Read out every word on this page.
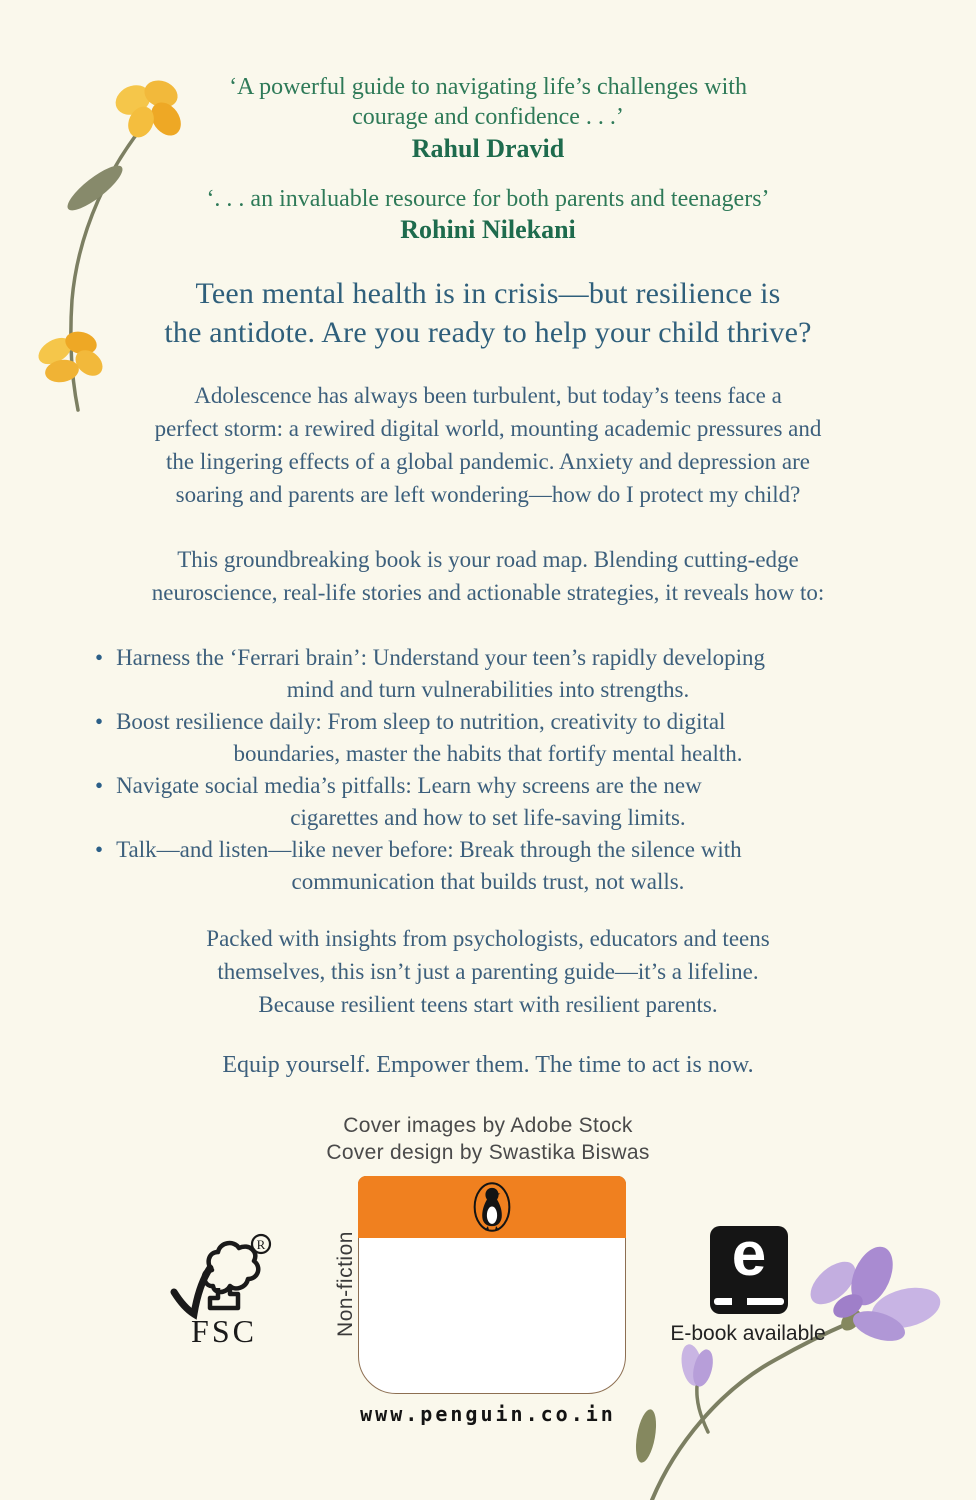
‘A powerful guide to navigating life’s challenges with
courage and confidence . . .’
Rahul Dravid
‘. . . an invaluable resource for both parents and teenagers’
Rohini Nilekani
Teen mental health is in crisis—but resilience is
the antidote. Are you ready to help your child thrive?
Adolescence has always been turbulent, but today’s teens face a
perfect storm: a rewired digital world, mounting academic pressures and
the lingering effects of a global pandemic. Anxiety and depression are
soaring and parents are left wondering—how do I protect my child?
This groundbreaking book is your road map. Blending cutting-edge
neuroscience, real-life stories and actionable strategies, it reveals how to:
• Harness the ‘Ferrari brain’: Understand your teen’s rapidly developing
mind and turn vulnerabilities into strengths.
• Boost resilience daily: From sleep to nutrition, creativity to digital
boundaries, master the habits that fortify mental health.
• Navigate social media’s pitfalls: Learn why screens are the new
cigarettes and how to set life-saving limits.
• Talk—and listen—like never before: Break through the silence with
communication that builds trust, not walls.
Packed with insights from psychologists, educators and teens
themselves, this isn’t just a parenting guide—it’s a lifeline.
Because resilient teens start with resilient parents.
Equip yourself. Empower them. The time to act is now.
Cover images by Adobe Stock
Cover design by Swastika Biswas
R
FSC	Non-fiction
www.penguin.co.in
e
E-book available
